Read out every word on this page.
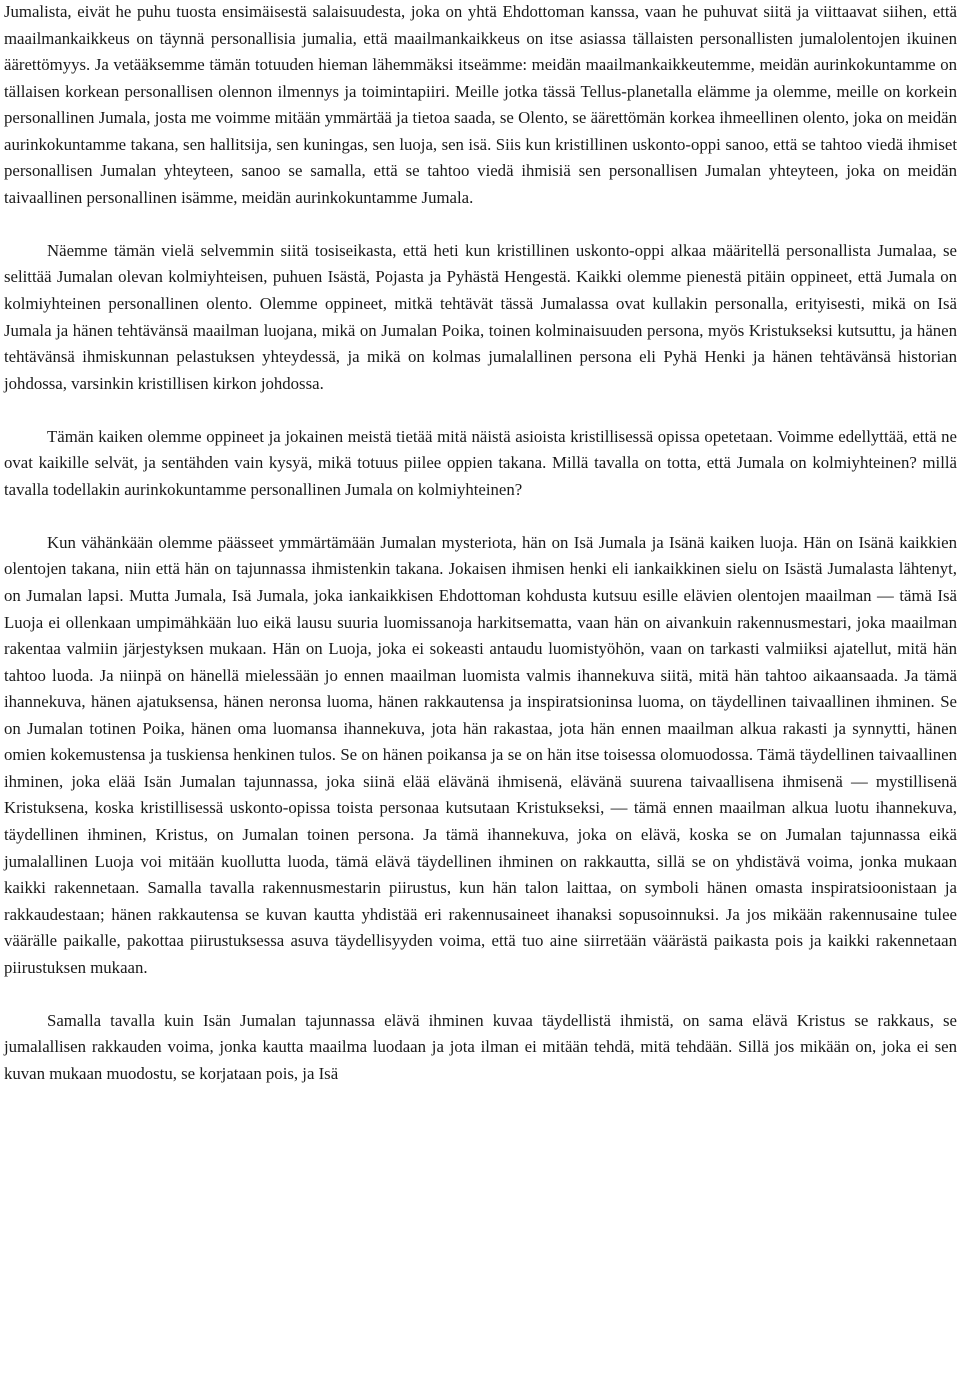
Jumalista, eivät he puhu tuosta ensimäisestä salaisuudesta, joka on yhtä Ehdottoman kanssa, vaan he puhuvat siitä ja viittaavat siihen, että maailmankaikkeus on täynnä personallisia jumalia, että maailmankaikkeus on itse asiassa tällaisten personallisten jumalolentojen ikuinen äärettömyys. Ja vetääksemme tämän totuuden hieman lähemmäksi itseämme: meidän maailmankaikkeutemme, meidän aurinkokuntamme on tällaisen korkean personallisen olennon ilmennys ja toimintapiiri. Meille jotka tässä Tellus-planetalla elämme ja olemme, meille on korkein personallinen Jumala, josta me voimme mitään ymmärtää ja tietoa saada, se Olento, se äärettömän korkea ihmeellinen olento, joka on meidän aurinkokuntamme takana, sen hallitsija, sen kuningas, sen luoja, sen isä. Siis kun kristillinen uskonto-oppi sanoo, että se tahtoo viedä ihmiset personallisen Jumalan yhteyteen, sanoo se samalla, että se tahtoo viedä ihmisiä sen personallisen Jumalan yhteyteen, joka on meidän taivaallinen personallinen isämme, meidän aurinkokuntamme Jumala.

Näemme tämän vielä selvemmin siitä tosiseikasta, että heti kun kristillinen uskonto-oppi alkaa määritellä personallista Jumalaa, se selittää Jumalan olevan kolmiyhteisen, puhuen Isästä, Pojasta ja Pyhästä Hengestä. Kaikki olemme pienestä pitäin oppineet, että Jumala on kolmiyhteinen personallinen olento. Olemme oppineet, mitkä tehtävät tässä Jumalassa ovat kullakin personalla, erityisesti, mikä on Isä Jumala ja hänen tehtävänsä maailman luojana, mikä on Jumalan Poika, toinen kolminaisuuden persona, myös Kristukseksi kutsuttu, ja hänen tehtävänsä ihmiskunnan pelastuksen yhteydessä, ja mikä on kolmas jumalallinen persona eli Pyhä Henki ja hänen tehtävänsä historian johdossa, varsinkin kristillisen kirkon johdossa.

Tämän kaiken olemme oppineet ja jokainen meistä tietää mitä näistä asioista kristillisessä opissa opetetaan. Voimme edellyttää, että ne ovat kaikille selvät, ja sentähden vain kysyä, mikä totuus piilee oppien takana. Millä tavalla on totta, että Jumala on kolmiyhteinen? millä tavalla todellakin aurinkokuntamme personallinen Jumala on kolmiyhteinen?

Kun vähänkään olemme päässeet ymmärtämään Jumalan mysteriota, hän on Isä Jumala ja Isänä kaiken luoja. Hän on Isänä kaikkien olentojen takana, niin että hän on tajunnassa ihmistenkin takana. Jokaisen ihmisen henki eli iankaikkinen sielu on Isästä Jumalasta lähtenyt, on Jumalan lapsi. Mutta Jumala, Isä Jumala, joka iankaikkisen Ehdottoman kohdusta kutsuu esille elävien olentojen maailman — tämä Isä Luoja ei ollenkaan umpimähkään luo eikä lausu suuria luomissanoja harkitsematta, vaan hän on aivankuin rakennusmestari, joka maailman rakentaa valmiin järjestyksen mukaan. Hän on Luoja, joka ei sokeasti antaudu luomistyöhön, vaan on tarkasti valmiiksi ajatellut, mitä hän tahtoo luoda. Ja niinpä on hänellä mielessään jo ennen maailman luomista valmis ihannekuva siitä, mitä hän tahtoo aikaansaada. Ja tämä ihannekuva, hänen ajatuksensa, hänen neronsa luoma, hänen rakkautensa ja inspiratsioninsa luoma, on täydellinen taivaallinen ihminen. Se on Jumalan totinen Poika, hänen oma luomansa ihannekuva, jota hän rakastaa, jota hän ennen maailman alkua rakasti ja synnytti, hänen omien kokemustensa ja tuskiensa henkinen tulos. Se on hänen poikansa ja se on hän itse toisessa olomuodossa. Tämä täydellinen taivaallinen ihminen, joka elää Isän Jumalan tajunnassa, joka siinä elää elävänä ihmisenä, elävänä suurena taivaallisena ihmisenä — mystillisenä Kristuksena, koska kristillisessä uskonto-opissa toista personaa kutsutaan Kristukseksi, — tämä ennen maailman alkua luotu ihannekuva, täydellinen ihminen, Kristus, on Jumalan toinen persona. Ja tämä ihannekuva, joka on elävä, koska se on Jumalan tajunnassa eikä jumalallinen Luoja voi mitään kuollutta luoda, tämä elävä täydellinen ihminen on rakkautta, sillä se on yhdistävä voima, jonka mukaan kaikki rakennetaan. Samalla tavalla rakennusmestarin piirustus, kun hän talon laittaa, on symboli hänen omasta inspiratsioonistaan ja rakkaudestaan; hänen rakkautensa se kuvan kautta yhdistää eri rakennusaineet ihanaksi sopusoinnuksi. Ja jos mikään rakennusaine tulee väärälle paikalle, pakottaa piirustuksessa asuva täydellisyyden voima, että tuo aine siirretään väärästä paikasta pois ja kaikki rakennetaan piirustuksen mukaan.

Samalla tavalla kuin Isän Jumalan tajunnassa elävä ihminen kuvaa täydellistä ihmistä, on sama elävä Kristus se rakkaus, se jumalallisen rakkauden voima, jonka kautta maailma luodaan ja jota ilman ei mitään tehdä, mitä tehdään. Sillä jos mikään on, joka ei sen kuvan mukaan muodostu, se korjataan pois, ja Isä
